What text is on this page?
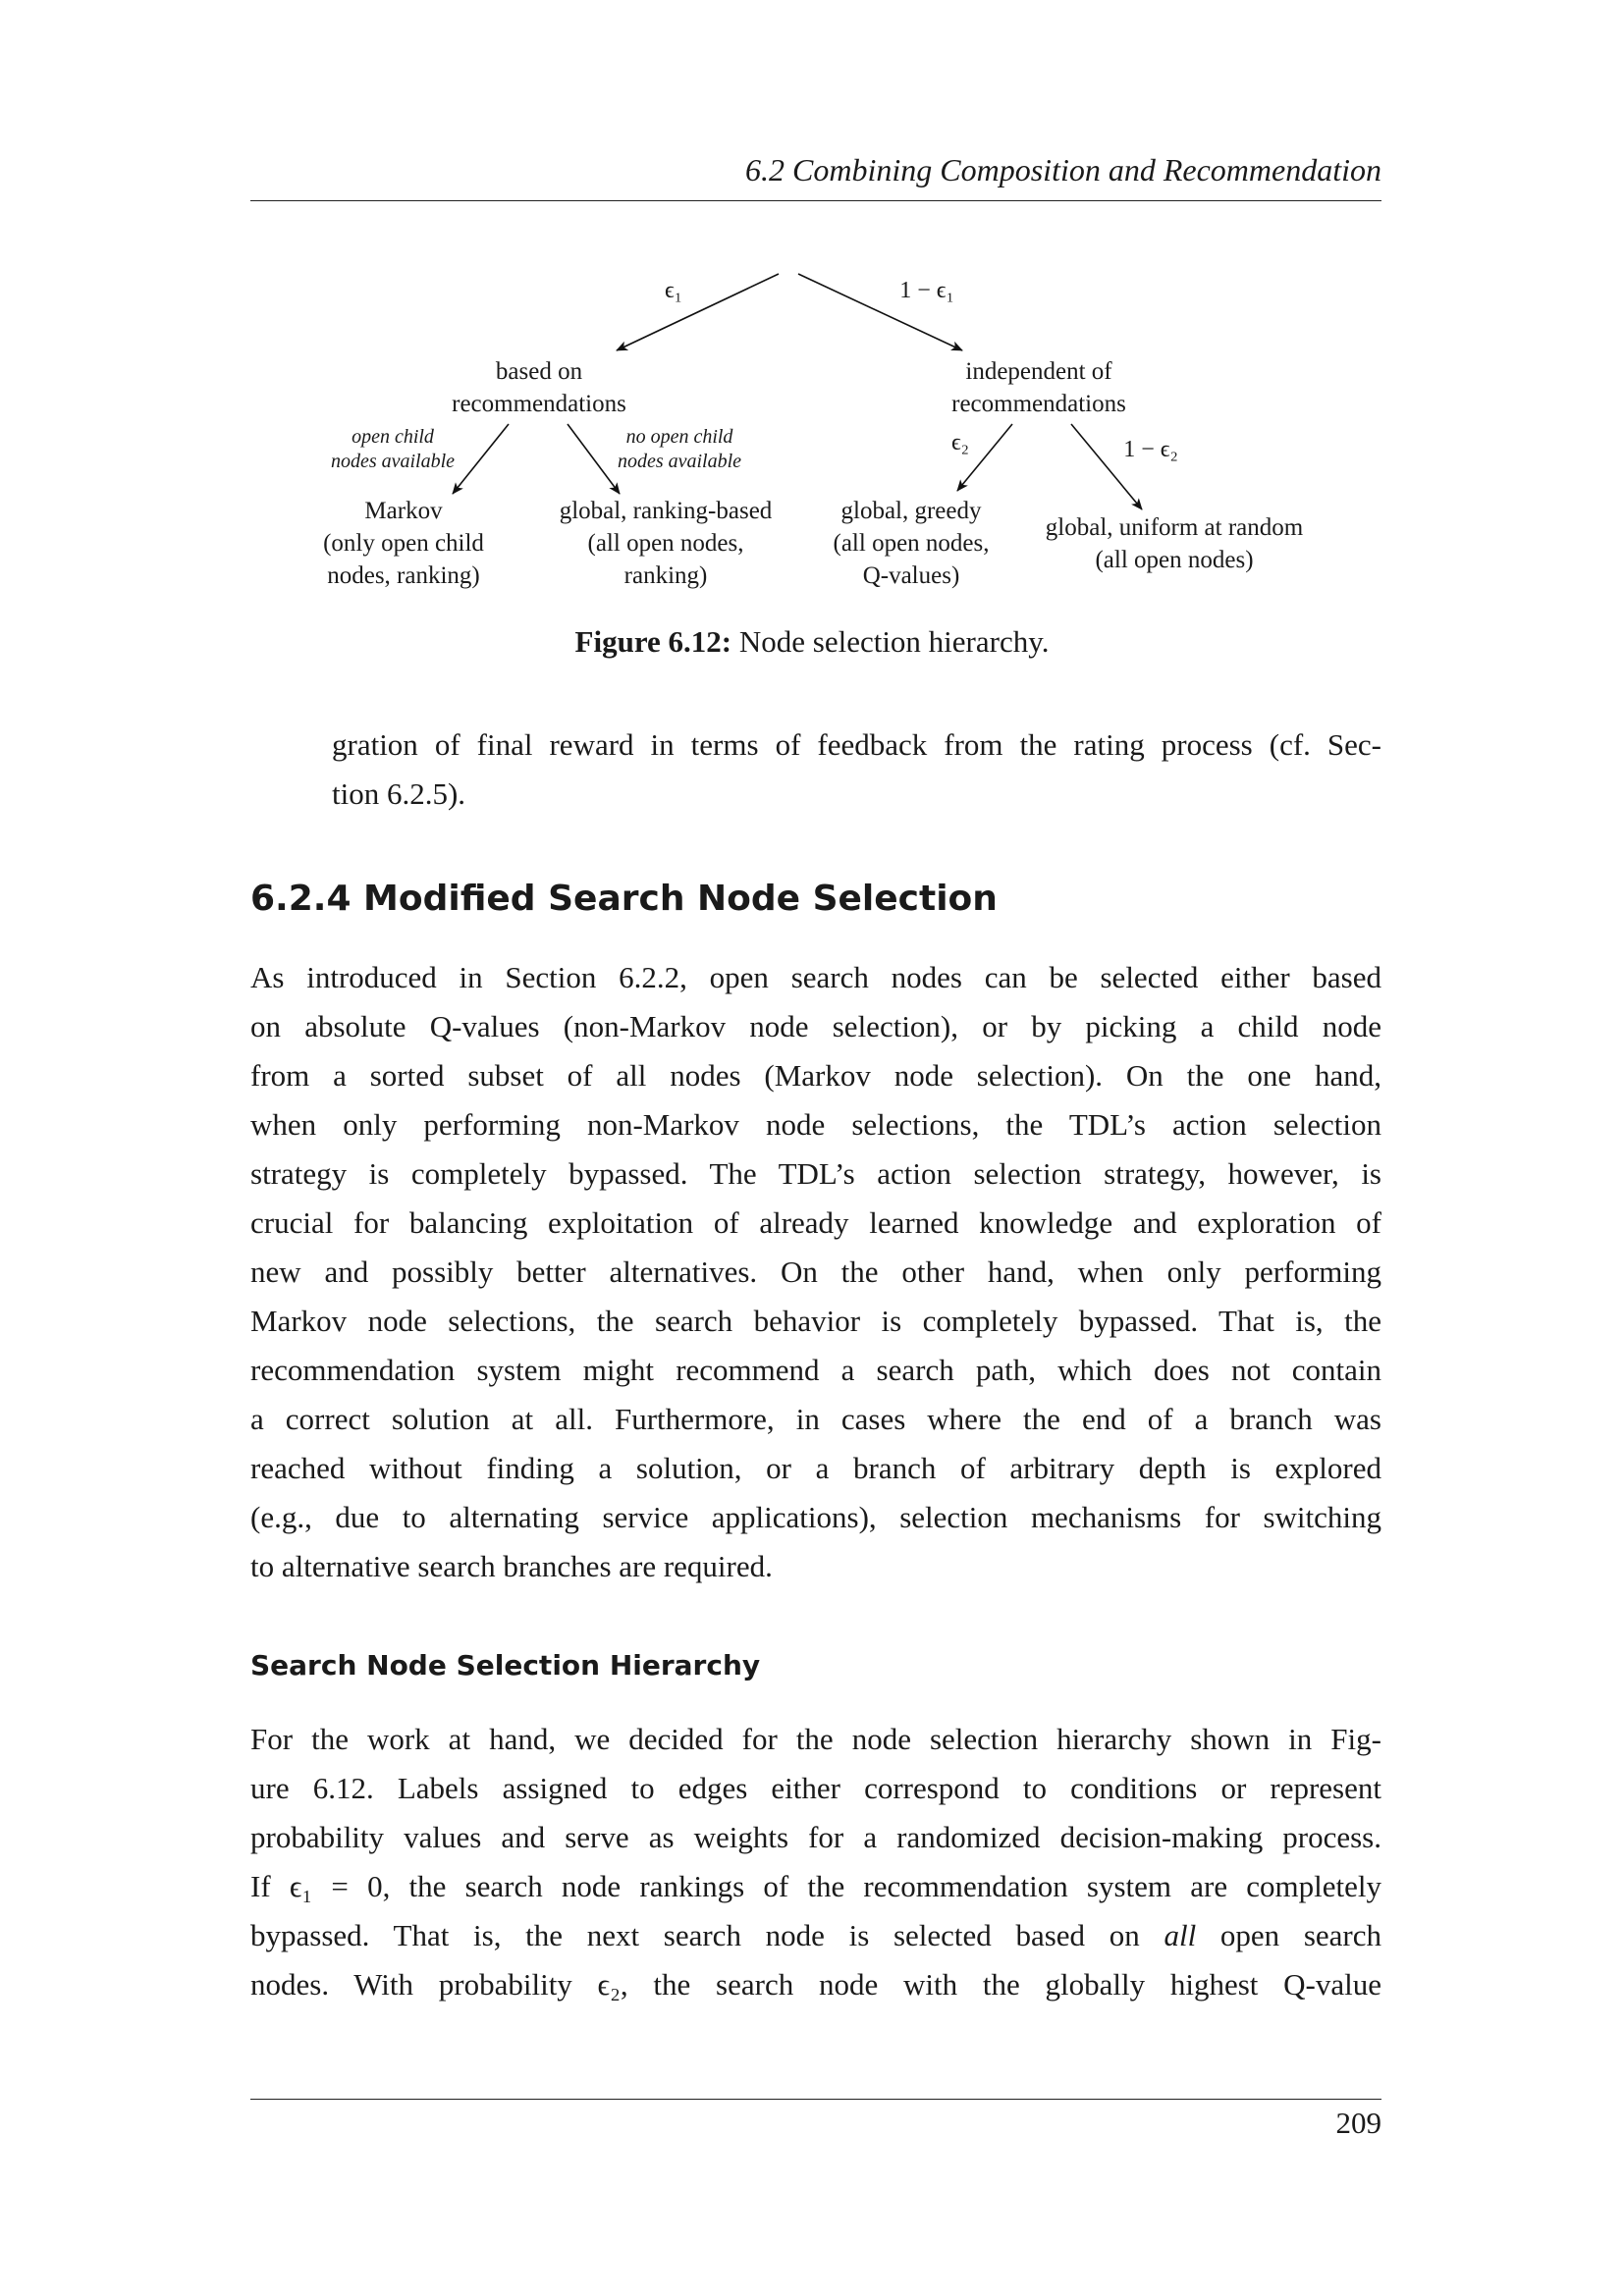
6.2 Combining Composition and Recommendation
ϵ₁	1 − ϵ₁
based on
recommendations
independent of
recommendations
open child
nodes available
no open child
nodes available
ϵ₂	1 − ϵ₂
Markov
(only open child
nodes, ranking)
global, ranking-based
(all open nodes,
ranking)
global, greedy
(all open nodes,
Q-values)
global, uniform at random
(all open nodes)
Figure 6.12: Node selection hierarchy.
gration of final reward in terms of feedback from the rating process (cf. Sec-
tion 6.2.5).
6.2.4 Modified Search Node Selection
As introduced in Section 6.2.2, open search nodes can be selected either based
on absolute Q-values (non-Markov node selection), or by picking a child node
from a sorted subset of all nodes (Markov node selection). On the one hand,
when only performing non-Markov node selections, the TDL’s action selection
strategy is completely bypassed. The TDL’s action selection strategy, however, is
crucial for balancing exploitation of already learned knowledge and exploration of
new and possibly better alternatives. On the other hand, when only performing
Markov node selections, the search behavior is completely bypassed. That is, the
recommendation system might recommend a search path, which does not contain
a correct solution at all. Furthermore, in cases where the end of a branch was
reached without finding a solution, or a branch of arbitrary depth is explored
(e.g., due to alternating service applications), selection mechanisms for switching
to alternative search branches are required.
Search Node Selection Hierarchy
For the work at hand, we decided for the node selection hierarchy shown in Fig-
ure 6.12. Labels assigned to edges either correspond to conditions or represent
probability values and serve as weights for a randomized decision-making process.
If ϵ₁ = 0, the search node rankings of the recommendation system are completely
bypassed. That is, the next search node is selected based on all open search
nodes. With probability ϵ₂, the search node with the globally highest Q-value
209
